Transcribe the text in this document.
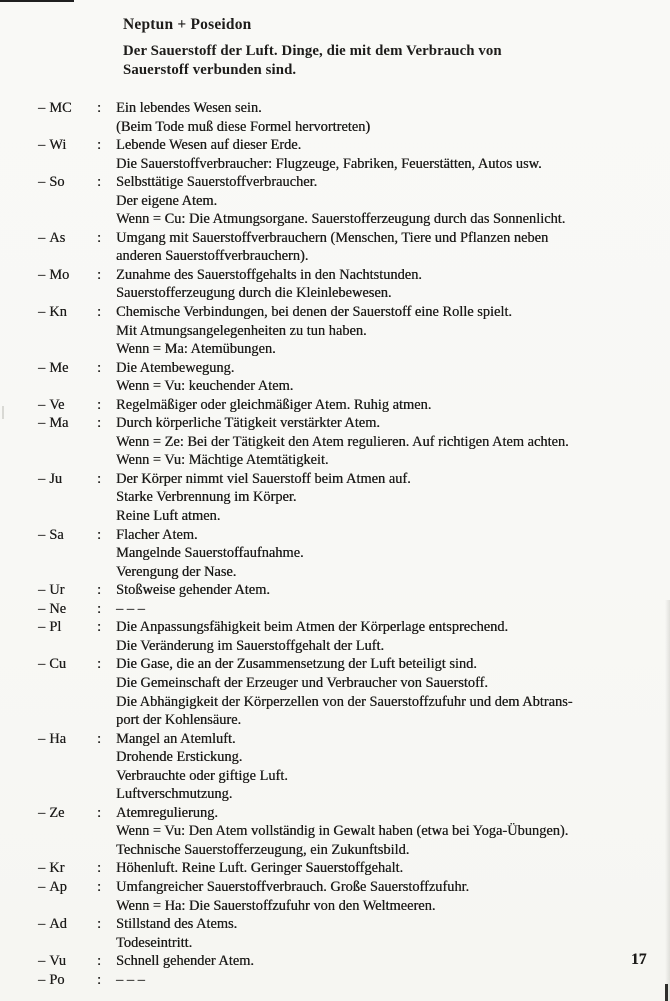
Neptun + Poseidon
Der Sauerstoff der Luft. Dinge, die mit dem Verbrauch von
Sauerstoff verbunden sind.
– MC : Ein lebendes Wesen sein.
(Beim Tode muß diese Formel hervortreten)
– Wi : Lebende Wesen auf dieser Erde.
Die Sauerstoffverbraucher: Flugzeuge, Fabriken, Feuerstätten, Autos usw.
– So : Selbsttätige Sauerstoffverbraucher.
Der eigene Atem.
Wenn = Cu: Die Atmungsorgane. Sauerstofferzeugung durch das Sonnenlicht.
– As : Umgang mit Sauerstoffverbrauchern (Menschen, Tiere und Pflanzen neben
anderen Sauerstoffverbrauchern).
– Mo : Zunahme des Sauerstoffgehalts in den Nachtstunden.
Sauerstofferzeugung durch die Kleinlebewesen.
– Kn : Chemische Verbindungen, bei denen der Sauerstoff eine Rolle spielt.
Mit Atmungsangelegenheiten zu tun haben.
Wenn = Ma: Atemübungen.
– Me : Die Atembewegung.
Wenn = Vu: keuchender Atem.
– Ve : Regelmäßiger oder gleichmäßiger Atem. Ruhig atmen.
– Ma : Durch körperliche Tätigkeit verstärkter Atem.
Wenn = Ze: Bei der Tätigkeit den Atem regulieren. Auf richtigen Atem achten.
Wenn = Vu: Mächtige Atemtätigkeit.
– Ju : Der Körper nimmt viel Sauerstoff beim Atmen auf.
Starke Verbrennung im Körper.
Reine Luft atmen.
– Sa : Flacher Atem.
Mangelnde Sauerstoffaufnahme.
Verengung der Nase.
– Ur : Stoßweise gehender Atem.
– Ne : – – –
– Pl : Die Anpassungsfähigkeit beim Atmen der Körperlage entsprechend.
Die Veränderung im Sauerstoffgehalt der Luft.
– Cu : Die Gase, die an der Zusammensetzung der Luft beteiligt sind.
Die Gemeinschaft der Erzeuger und Verbraucher von Sauerstoff.
Die Abhängigkeit der Körperzellen von der Sauerstoffzufuhr und dem Abtrans-
port der Kohlensäure.
– Ha : Mangel an Atemluft.
Drohende Erstickung.
Verbrauchte oder giftige Luft.
Luftverschmutzung.
– Ze : Atemregulierung.
Wenn = Vu: Den Atem vollständig in Gewalt haben (etwa bei Yoga-Übungen).
Technische Sauerstofferzeugung, ein Zukunftsbild.
– Kr : Höhenluft. Reine Luft. Geringer Sauerstoffgehalt.
– Ap : Umfangreicher Sauerstoffverbrauch. Große Sauerstoffzufuhr.
Wenn = Ha: Die Sauerstoffzufuhr von den Weltmeeren.
– Ad : Stillstand des Atems.
Todeseintritt.
– Vu : Schnell gehender Atem.
– Po : – – –
17
